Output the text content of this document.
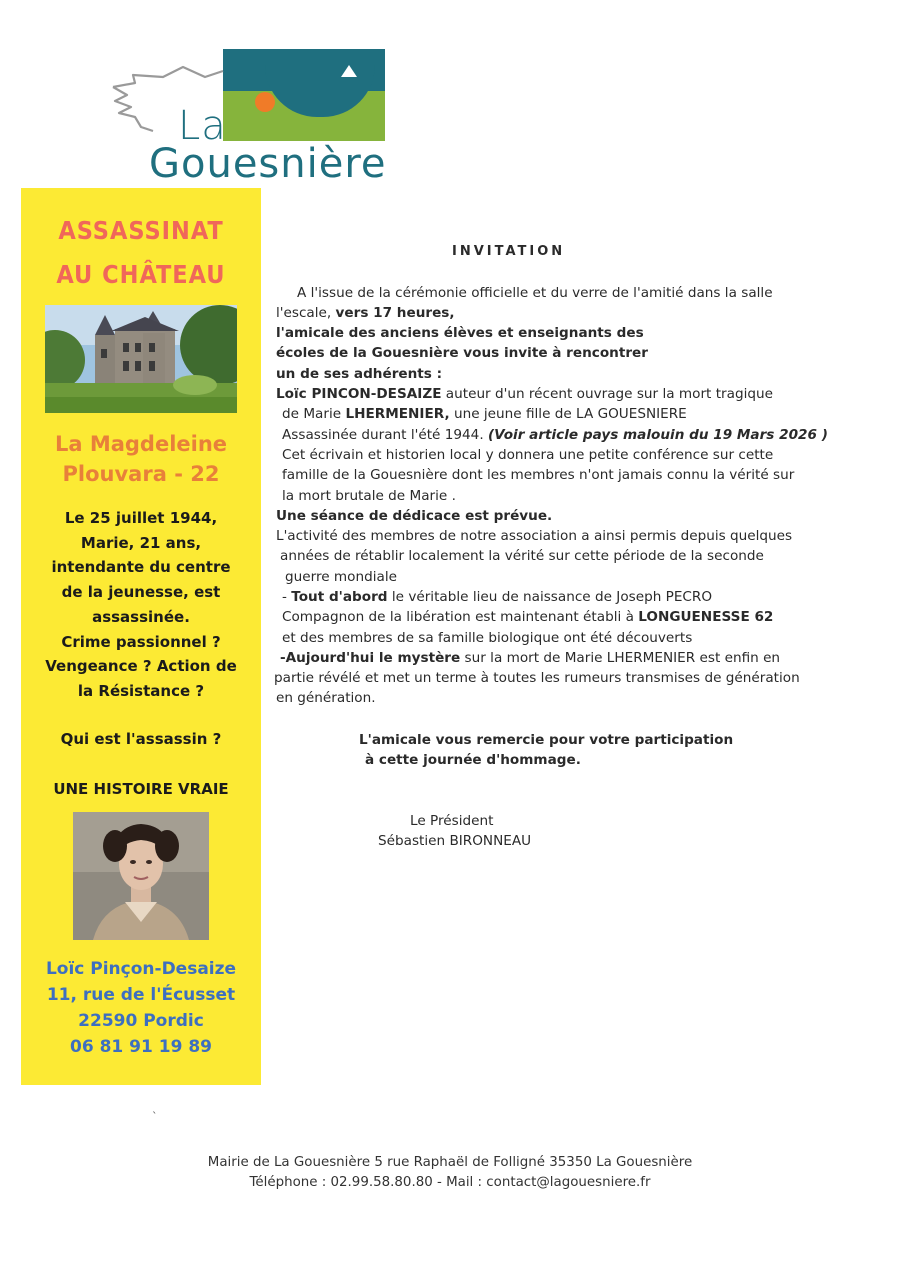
La
Gouesnière
ASSASSINAT
AU CHÂTEAU
La Magdeleine
Plouvara - 22
Le 25 juillet 1944,
Marie, 21 ans,
intendante du centre
de la jeunesse, est
assassinée.
Crime passionnel ?
Vengeance ? Action de
la Résistance ?
Qui est l'assassin ?
UNE HISTOIRE VRAIE
Loïc Pinçon-Desaize
11, rue de l'Écusset
22590 Pordic
06 81 91 19 89
INVITATION
A l'issue de la cérémonie officielle et du verre de l'amitié dans la salle
l'escale, vers 17 heures,
l'amicale des anciens élèves et enseignants des
écoles de la Gouesnière vous invite à rencontrer
un de ses adhérents :
Loïc PINCON-DESAIZE auteur d'un récent ouvrage sur la mort tragique
de Marie LHERMENIER, une jeune fille de LA GOUESNIERE
Assassinée durant l'été 1944. (Voir article pays malouin du 19 Mars 2026 )
Cet écrivain et historien local y donnera une petite conférence sur cette
famille de la Gouesnière dont les membres n'ont jamais connu la vérité sur
la mort brutale de Marie .
Une séance de dédicace est prévue.
L'activité des membres de notre association a ainsi permis depuis quelques
années de rétablir localement la vérité sur cette période de la seconde
guerre mondiale
- Tout d'abord le véritable lieu de naissance de Joseph PECRO
Compagnon de la libération est maintenant établi à LONGUENESSE 62
et des membres de sa famille biologique ont été découverts
-Aujourd'hui le mystère sur la mort de Marie LHERMENIER est enfin en
partie révélé et met un terme à toutes les rumeurs transmises de génération
en génération.
L'amicale vous remercie pour votre participation
à cette journée d'hommage.
Le Président
Sébastien BIRONNEAU
ˋ
Mairie de La Gouesnière 5 rue Raphaël de Folligné 35350 La Gouesnière
Téléphone : 02.99.58.80.80 - Mail : contact@lagouesniere.fr
